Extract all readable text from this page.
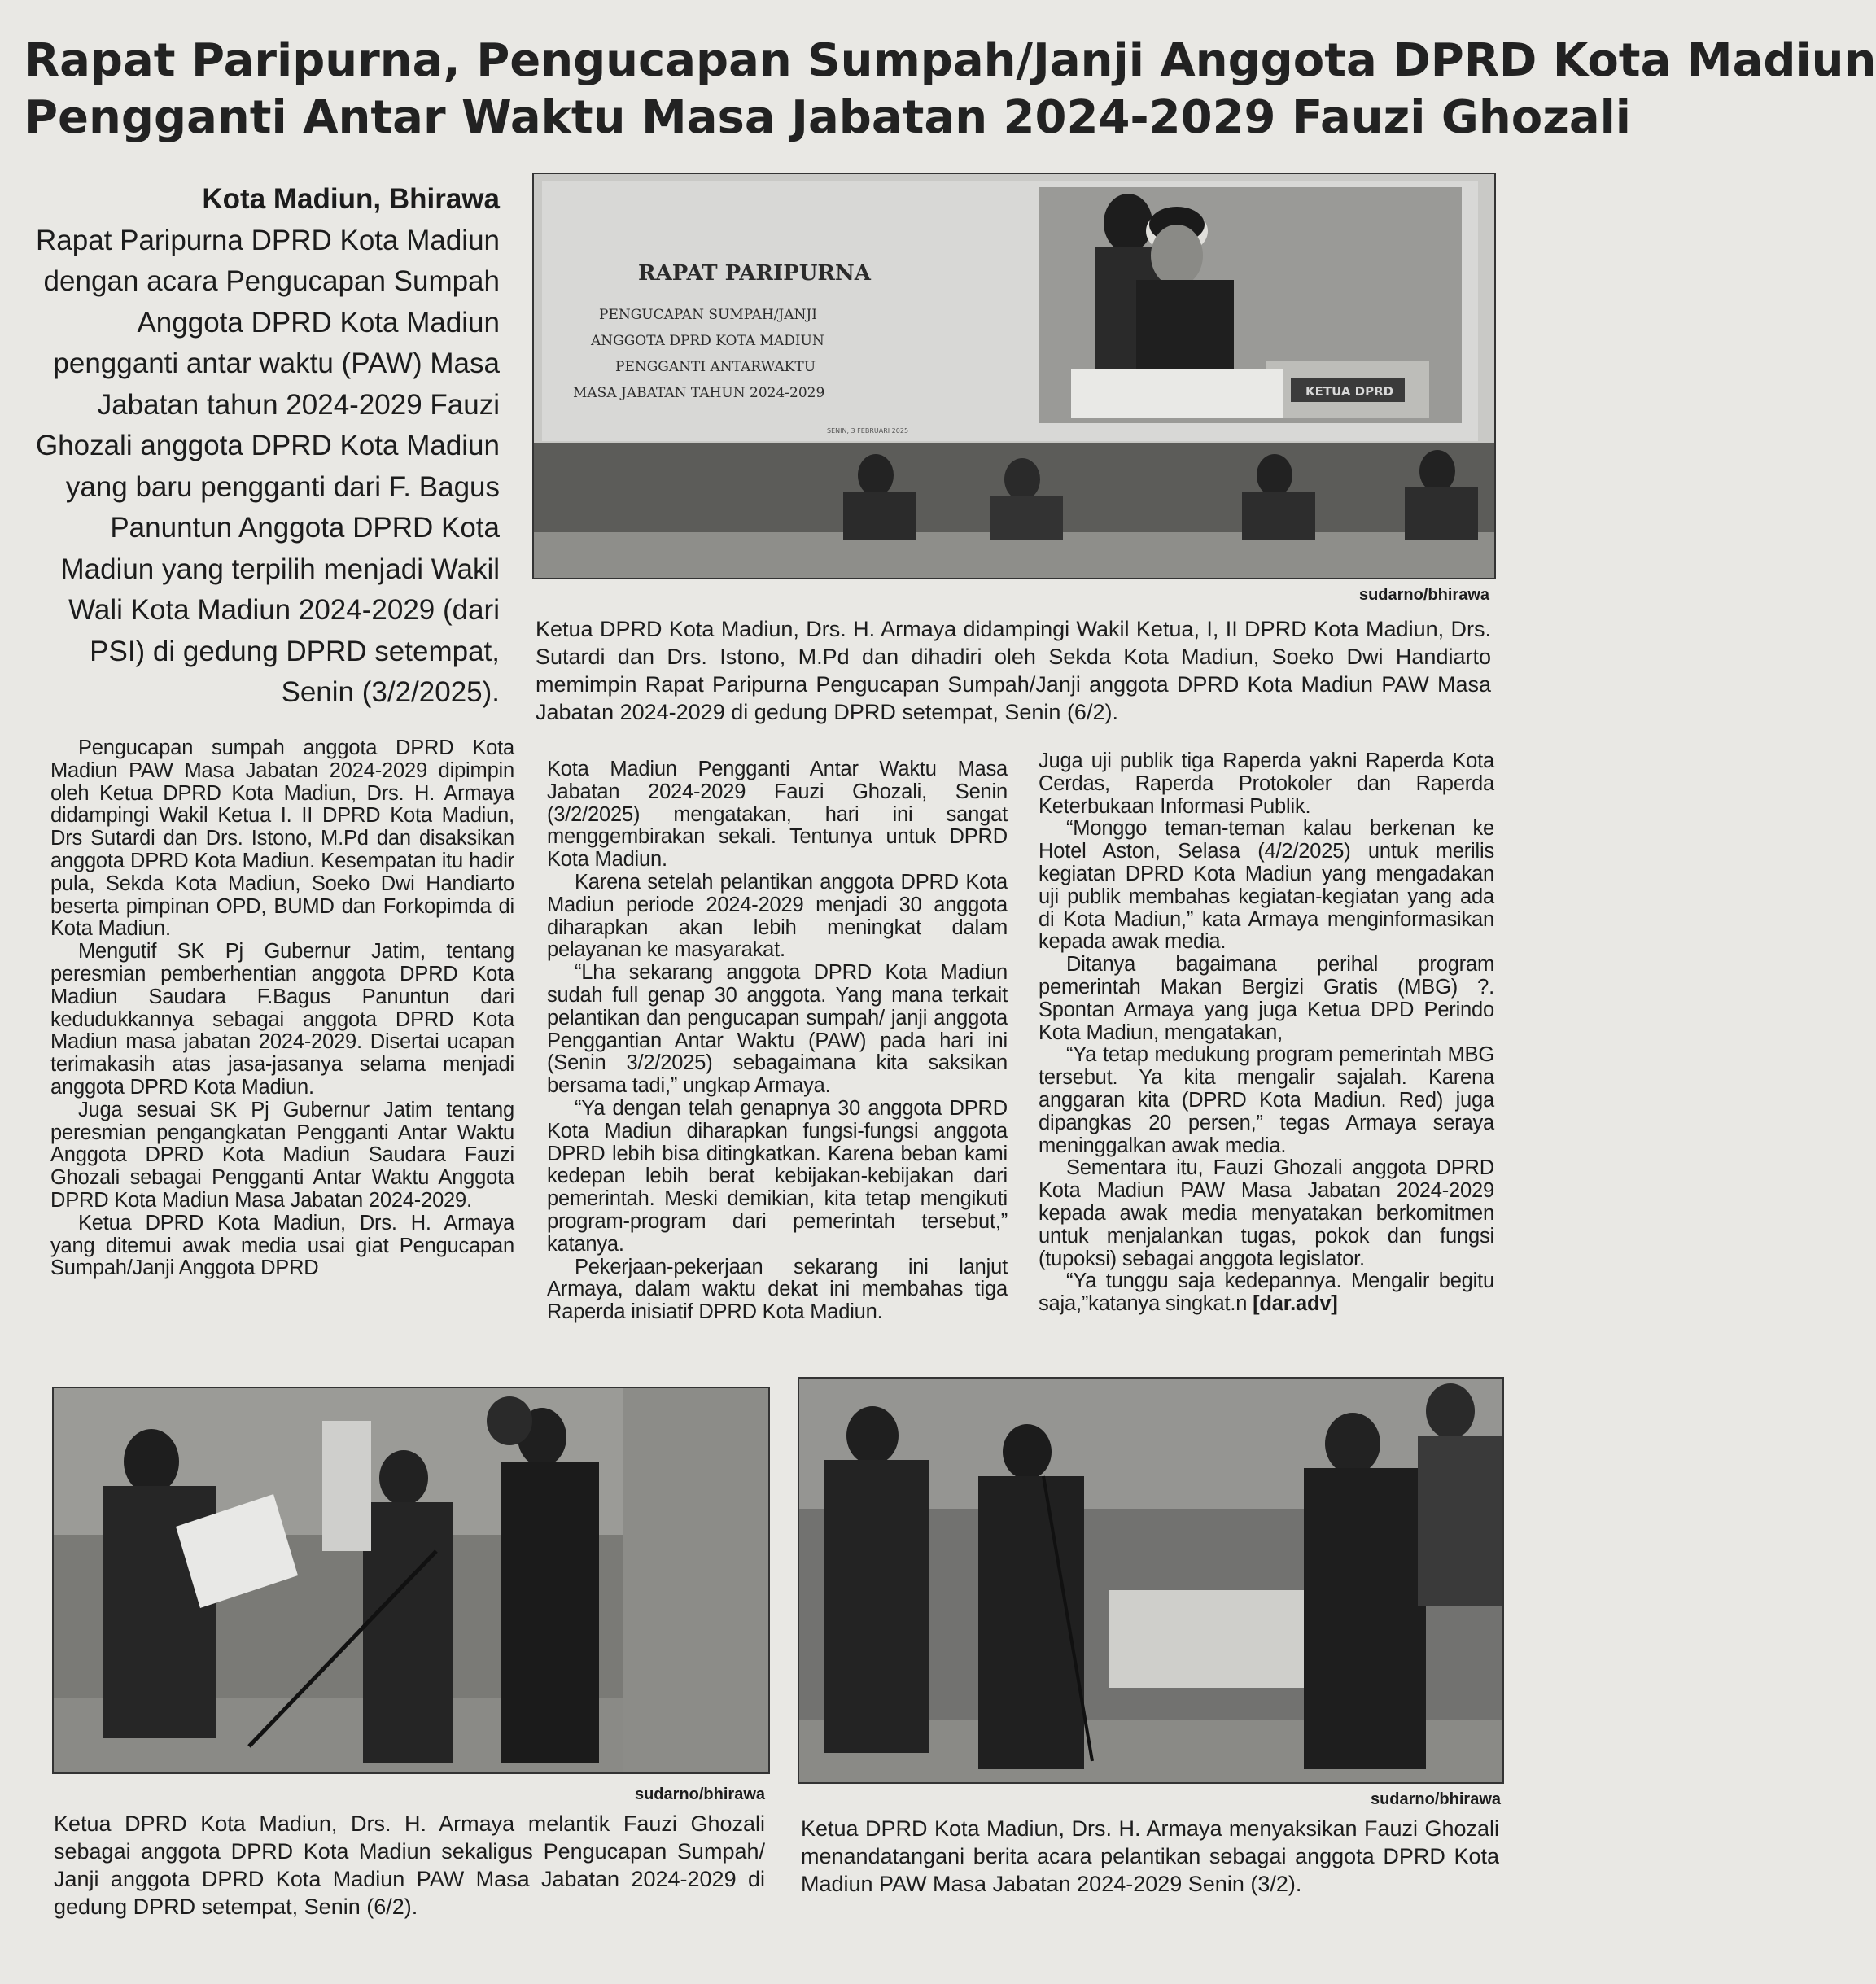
Rapat Paripurna, Pengucapan Sumpah/Janji Anggota DPRD Kota Madiun
Pengganti Antar Waktu Masa Jabatan 2024-2029 Fauzi Ghozali
Kota Madiun, Bhirawa
Rapat Paripurna DPRD Kota Madiun dengan acara Pengucapan Sumpah Anggota DPRD Kota Madiun pengganti antar waktu (PAW) Masa Jabatan tahun 2024-2029 Fauzi Ghozali anggota DPRD Kota Madiun yang baru pengganti dari F. Bagus Panuntun Anggota DPRD Kota Madiun yang terpilih menjadi Wakil Wali Kota Madiun 2024-2029 (dari PSI) di gedung DPRD setempat, Senin (3/2/2025).
RAPAT PARIPURNA
PENGUCAPAN SUMPAH/JANJI
ANGGOTA DPRD KOTA MADIUN
PENGGANTI ANTARWAKTU
MASA JABATAN TAHUN 2024-2029
SENIN, 3 FEBRUARI 2025
KETUA DPRD
sudarno/bhirawa
Ketua DPRD Kota Madiun, Drs. H. Armaya didampingi Wakil Ketua, I, II DPRD Kota Madiun, Drs. Sutardi dan Drs. Istono, M.Pd dan dihadiri oleh Sekda Kota Madiun, Soeko Dwi Handiarto memimpin Rapat Paripurna Pengucapan Sumpah/Janji anggota DPRD Kota Madiun PAW Masa Jabatan 2024-2029 di gedung DPRD setempat, Senin (6/2).

Pengucapan sumpah anggota DPRD Kota Madiun PAW Masa Jabatan 2024-2029 dipimpin oleh Ketua DPRD Kota Madiun, Drs. H. Armaya didampingi Wakil Ketua I. II DPRD Kota Madiun, Drs Sutardi dan Drs. Istono, M.Pd dan disaksikan anggota DPRD Kota Madiun. Kesempatan itu hadir pula, Sekda Kota Madiun, Soeko Dwi Handiarto beserta pimpinan OPD, BUMD dan Forkopimda di Kota Madiun.

Mengutif SK Pj Gubernur Jatim, tentang peresmian pemberhentian anggota DPRD Kota Madiun Saudara F.Bagus Panuntun dari kedudukkannya sebagai anggota DPRD Kota Madiun masa jabatan 2024-2029. Disertai ucapan terimakasih atas jasa-jasanya selama menjadi anggota DPRD Kota Madiun.

Juga sesuai SK Pj Gubernur Jatim tentang peresmian pengangkatan Pengganti Antar Waktu Anggota DPRD Kota Madiun Saudara Fauzi Ghozali sebagai Pengganti Antar Waktu Anggota DPRD Kota Madiun Masa Jabatan 2024-2029.

Ketua DPRD Kota Madiun, Drs. H. Armaya yang ditemui awak media usai giat Pengucapan Sumpah/Janji Anggota DPRD

Kota Madiun Pengganti Antar Waktu Masa Jabatan 2024-2029 Fauzi Ghozali, Senin (3/2/2025) mengatakan, hari ini sangat menggembirakan sekali. Tentunya untuk DPRD Kota Madiun.

Karena setelah pelantikan anggota DPRD Kota Madiun periode 2024-2029 menjadi 30 anggota diharapkan akan lebih meningkat dalam pelayanan ke masyarakat.

“Lha sekarang anggota DPRD Kota Madiun sudah full genap 30 anggota. Yang mana terkait pelantikan dan pengucapan sumpah/ janji anggota Penggantian Antar Waktu (PAW) pada hari ini (Senin 3/2/2025) sebagaimana kita saksikan bersama tadi,” ungkap Armaya.

“Ya dengan telah genapnya 30 anggota DPRD Kota Madiun diharapkan fungsi-fungsi anggota DPRD lebih bisa ditingkatkan. Karena beban kami kedepan lebih berat kebijakan-kebijakan dari pemerintah. Meski demikian, kita tetap mengikuti program-program dari pemerintah tersebut,” katanya.

Pekerjaan-pekerjaan sekarang ini lanjut Armaya, dalam waktu dekat ini membahas tiga Raperda inisiatif DPRD Kota Madiun.

Juga uji publik tiga Raperda yakni Raperda Kota Cerdas, Raperda Protokoler dan Raperda Keterbukaan Informasi Publik.

“Monggo teman-teman kalau berkenan ke Hotel Aston, Selasa (4/2/2025) untuk merilis kegiatan DPRD Kota Madiun yang mengadakan uji publik membahas kegiatan-kegiatan yang ada di Kota Madiun,” kata Armaya menginformasikan kepada awak media.

Ditanya bagaimana perihal program pemerintah Makan Bergizi Gratis (MBG) ?. Spontan Armaya yang juga Ketua DPD Perindo Kota Madiun, mengatakan,

“Ya tetap medukung program pemerintah MBG tersebut. Ya kita mengalir sajalah. Karena anggaran kita (DPRD Kota Madiun. Red) juga dipangkas 20 persen,” tegas Armaya seraya meninggalkan awak media.

Sementara itu, Fauzi Ghozali anggota DPRD Kota Madiun PAW Masa Jabatan 2024-2029 kepada awak media menyatakan berkomitmen untuk menjalankan tugas, pokok dan fungsi (tupoksi) sebagai anggota legislator.

“Ya tunggu saja kedepannya. Mengalir begitu saja,”katanya singkat.n [dar.adv]

sudarno/bhirawa
Ketua DPRD Kota Madiun, Drs. H. Armaya melantik Fauzi Ghozali sebagai anggota DPRD Kota Madiun sekaligus Pengucapan Sumpah/ Janji anggota DPRD Kota Madiun PAW Masa Jabatan 2024-2029 di gedung DPRD setempat, Senin (6/2).
sudarno/bhirawa
Ketua DPRD Kota Madiun, Drs. H. Armaya menyaksikan Fauzi Ghozali menandatangani berita acara pelantikan sebagai anggota DPRD Kota Madiun PAW Masa Jabatan 2024-2029 Senin (3/2).
